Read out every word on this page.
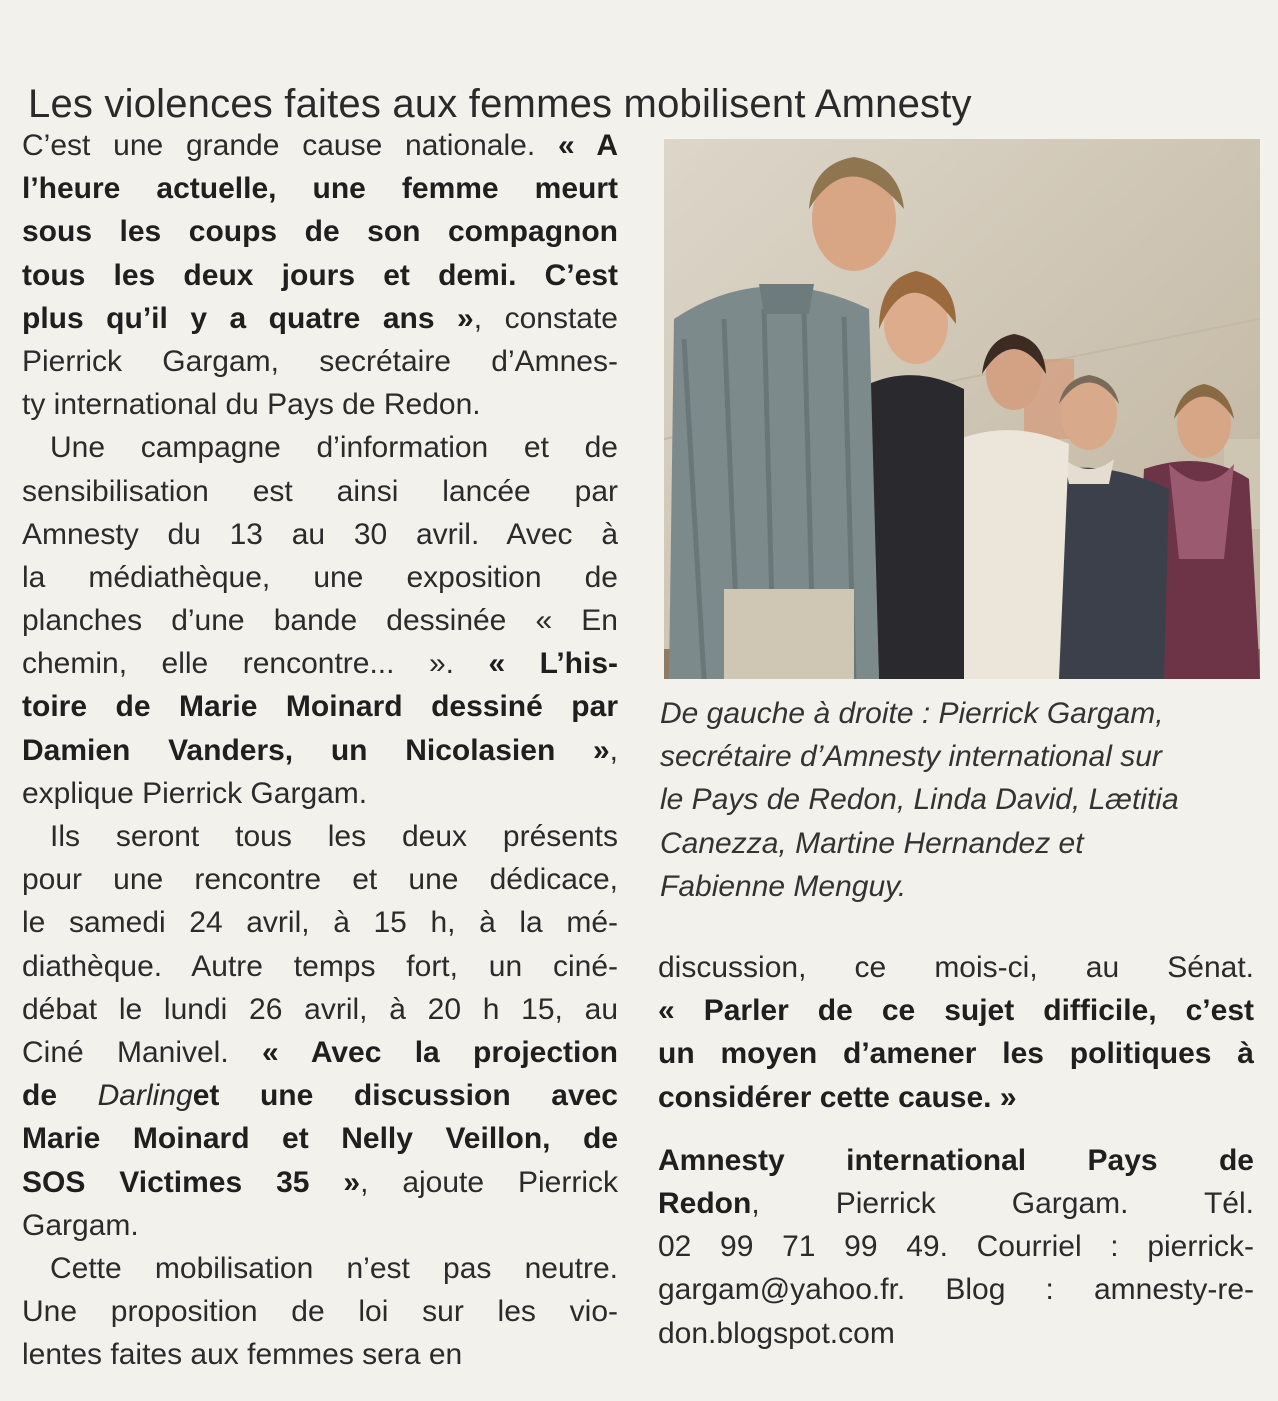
Les violences faites aux femmes mobilisent Amnesty
C’est une grande cause nationale. « A
l’heure actuelle, une femme meurt
sous les coups de son compagnon
tous les deux jours et demi. C’est
plus qu’il y a quatre ans », constate
Pierrick Gargam, secrétaire d’Amnes-
ty international du Pays de Redon.
Une campagne d’information et de
sensibilisation est ainsi lancée par
Amnesty du 13 au 30 avril. Avec à
la médiathèque, une exposition de
planches d’une bande dessinée « En
chemin, elle rencontre... ». « L’his-
toire de Marie Moinard dessiné par
Damien Vanders, un Nicolasien »,
explique Pierrick Gargam.
Ils seront tous les deux présents
pour une rencontre et une dédicace,
le samedi 24 avril, à 15 h, à la mé-
diathèque. Autre temps fort, un ciné-
débat le lundi 26 avril, à 20 h 15, au
Ciné Manivel. « Avec la projection
de Darlinget une discussion avec
Marie Moinard et Nelly Veillon, de
SOS Victimes 35 », ajoute Pierrick
Gargam.
Cette mobilisation n’est pas neutre.
Une proposition de loi sur les vio-
lentes faites aux femmes sera en
De gauche à droite : Pierrick Gargam,
secrétaire d’Amnesty international sur
le Pays de Redon, Linda David, Lætitia
Canezza, Martine Hernandez et
Fabienne Menguy.
discussion, ce mois-ci, au Sénat.
« Parler de ce sujet difficile, c’est
un moyen d’amener les politiques à
considérer cette cause. »
Amnesty international Pays de
Redon, Pierrick Gargam. Tél.
02 99 71 99 49. Courriel : pierrick-
gargam@yahoo.fr. Blog : amnesty-re-
don.blogspot.com
